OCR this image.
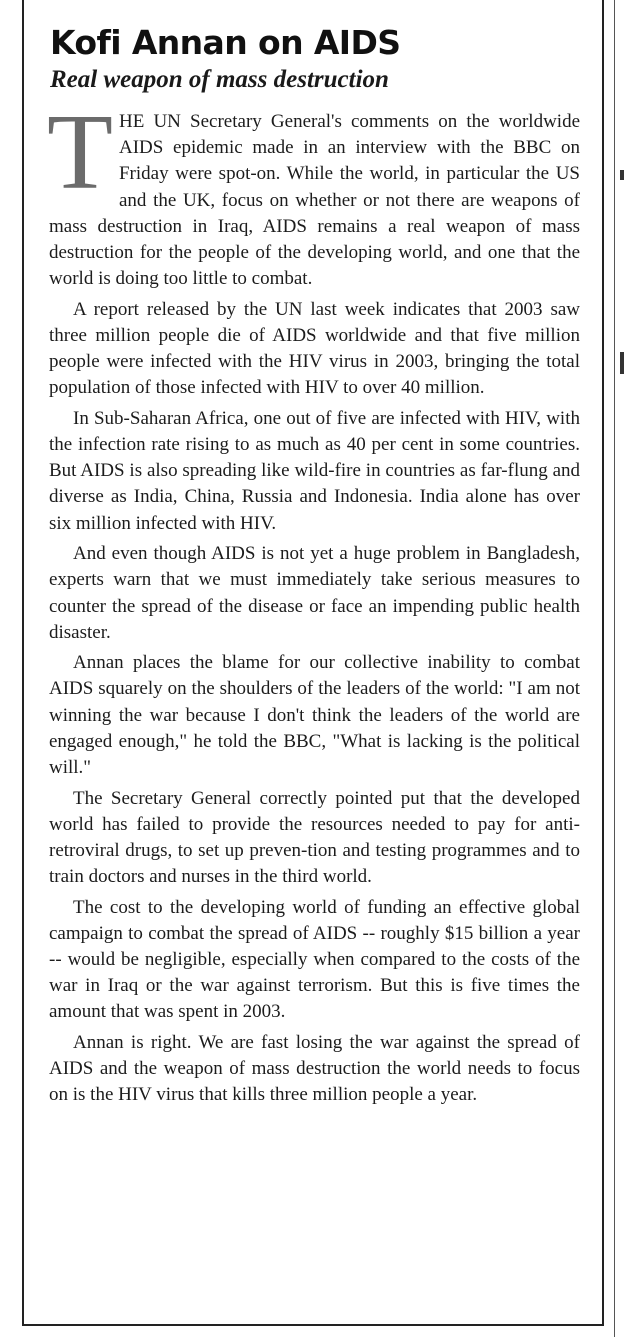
Kofi Annan on AIDS
Real weapon of mass destruction

THE UN Secretary General's comments on the worldwide AIDS epidemic made in an interview with the BBC on Friday were spot-on. While the world, in particular the US and the UK, focus on whether or not there are weapons of mass destruction in Iraq, AIDS remains a real weapon of mass destruction for the people of the developing world, and one that the world is doing too little to combat.

A report released by the UN last week indicates that 2003 saw three million people die of AIDS worldwide and that five million people were infected with the HIV virus in 2003, bringing the total population of those infected with HIV to over 40 million.

In Sub-Saharan Africa, one out of five are infected with HIV, with the infection rate rising to as much as 40 per cent in some countries. But AIDS is also spreading like wild-fire in countries as far-flung and diverse as India, China, Russia and Indonesia. India alone has over six million infected with HIV.

And even though AIDS is not yet a huge problem in Bangladesh, experts warn that we must immediately take serious measures to counter the spread of the disease or face an impending public health disaster.

Annan places the blame for our collective inability to combat AIDS squarely on the shoulders of the leaders of the world: "I am not winning the war because I don't think the leaders of the world are engaged enough," he told the BBC, "What is lacking is the political will."

The Secretary General correctly pointed put that the developed world has failed to provide the resources needed to pay for anti-retroviral drugs, to set up preven-tion and testing programmes and to train doctors and nurses in the third world.

The cost to the developing world of funding an effective global campaign to combat the spread of AIDS -- roughly $15 billion a year -- would be negligible, especially when compared to the costs of the war in Iraq or the war against terrorism. But this is five times the amount that was spent in 2003.

Annan is right. We are fast losing the war against the spread of AIDS and the weapon of mass destruction the world needs to focus on is the HIV virus that kills three million people a year.
